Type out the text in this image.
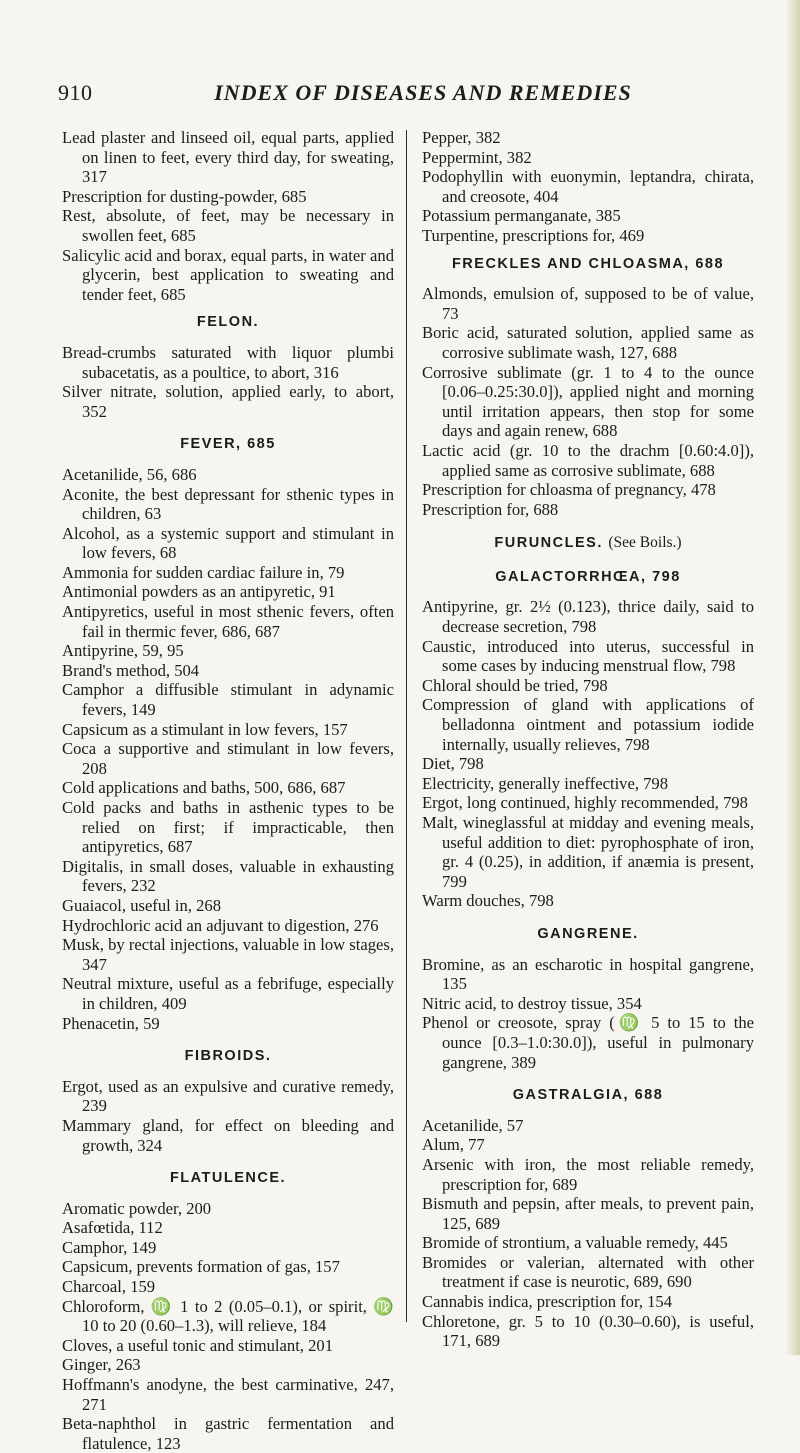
910	INDEX OF DISEASES AND REMEDIES

Lead plaster and linseed oil, equal parts, applied on linen to feet, every third day, for sweating, 317

Prescription for dusting-powder, 685

Rest, absolute, of feet, may be necessary in swollen feet, 685

Salicylic acid and borax, equal parts, in water and glycerin, best application to sweating and tender feet, 685

FELON.

Bread-crumbs saturated with liquor plumbi subacetatis, as a poultice, to abort, 316

Silver nitrate, solution, applied early, to abort, 352

FEVER, 685

Acetanilide, 56, 686

Aconite, the best depressant for sthenic types in children, 63

Alcohol, as a systemic support and stimulant in low fevers, 68

Ammonia for sudden cardiac failure in, 79

Antimonial powders as an antipyretic, 91

Antipyretics, useful in most sthenic fevers, often fail in thermic fever, 686, 687

Antipyrine, 59, 95

Brand's method, 504

Camphor a diffusible stimulant in adynamic fevers, 149

Capsicum as a stimulant in low fevers, 157

Coca a supportive and stimulant in low fevers, 208

Cold applications and baths, 500, 686, 687

Cold packs and baths in asthenic types to be relied on first; if impracticable, then antipyretics, 687

Digitalis, in small doses, valuable in exhausting fevers, 232

Guaiacol, useful in, 268

Hydrochloric acid an adjuvant to digestion, 276

Musk, by rectal injections, valuable in low stages, 347

Neutral mixture, useful as a febrifuge, especially in children, 409

Phenacetin, 59

FIBROIDS.

Ergot, used as an expulsive and curative remedy, 239

Mammary gland, for effect on bleeding and growth, 324

FLATULENCE.

Aromatic powder, 200

Asafœtida, 112

Camphor, 149

Capsicum, prevents formation of gas, 157

Charcoal, 159

Chloroform, ♍ 1 to 2 (0.05–0.1), or spirit, ♍ 10 to 20 (0.60–1.3), will relieve, 184

Cloves, a useful tonic and stimulant, 201

Ginger, 263

Hoffmann's anodyne, the best carminative, 247, 271

Beta-naphthol in gastric fermentation and flatulence, 123

Pepper, 382

Peppermint, 382

Podophyllin with euonymin, leptandra, chirata, and creosote, 404

Potassium permanganate, 385

Turpentine, prescriptions for, 469

FRECKLES AND CHLOASMA, 688

Almonds, emulsion of, supposed to be of value, 73

Boric acid, saturated solution, applied same as corrosive sublimate wash, 127, 688

Corrosive sublimate (gr. 1 to 4 to the ounce [0.06–0.25:30.0]), applied night and morning until irritation appears, then stop for some days and again renew, 688

Lactic acid (gr. 10 to the drachm [0.60:4.0]), applied same as corrosive sublimate, 688

Prescription for chloasma of pregnancy, 478

Prescription for, 688

FURUNCLES. (See Boils.)
GALACTORRHŒA, 798

Antipyrine, gr. 2½ (0.123), thrice daily, said to decrease secretion, 798

Caustic, introduced into uterus, successful in some cases by inducing menstrual flow, 798

Chloral should be tried, 798

Compression of gland with applications of belladonna ointment and potassium iodide internally, usually relieves, 798

Diet, 798

Electricity, generally ineffective, 798

Ergot, long continued, highly recommended, 798

Malt, wineglassful at midday and evening meals, useful addition to diet: pyrophosphate of iron, gr. 4 (0.25), in addition, if anæmia is present, 799

Warm douches, 798

GANGRENE.

Bromine, as an escharotic in hospital gangrene, 135

Nitric acid, to destroy tissue, 354

Phenol or creosote, spray (♍ 5 to 15 to the ounce [0.3–1.0:30.0]), useful in pulmonary gangrene, 389

GASTRALGIA, 688

Acetanilide, 57

Alum, 77

Arsenic with iron, the most reliable remedy, prescription for, 689

Bismuth and pepsin, after meals, to prevent pain, 125, 689

Bromide of strontium, a valuable remedy, 445

Bromides or valerian, alternated with other treatment if case is neurotic, 689, 690

Cannabis indica, prescription for, 154

Chloretone, gr. 5 to 10 (0.30–0.60), is useful, 171, 689
